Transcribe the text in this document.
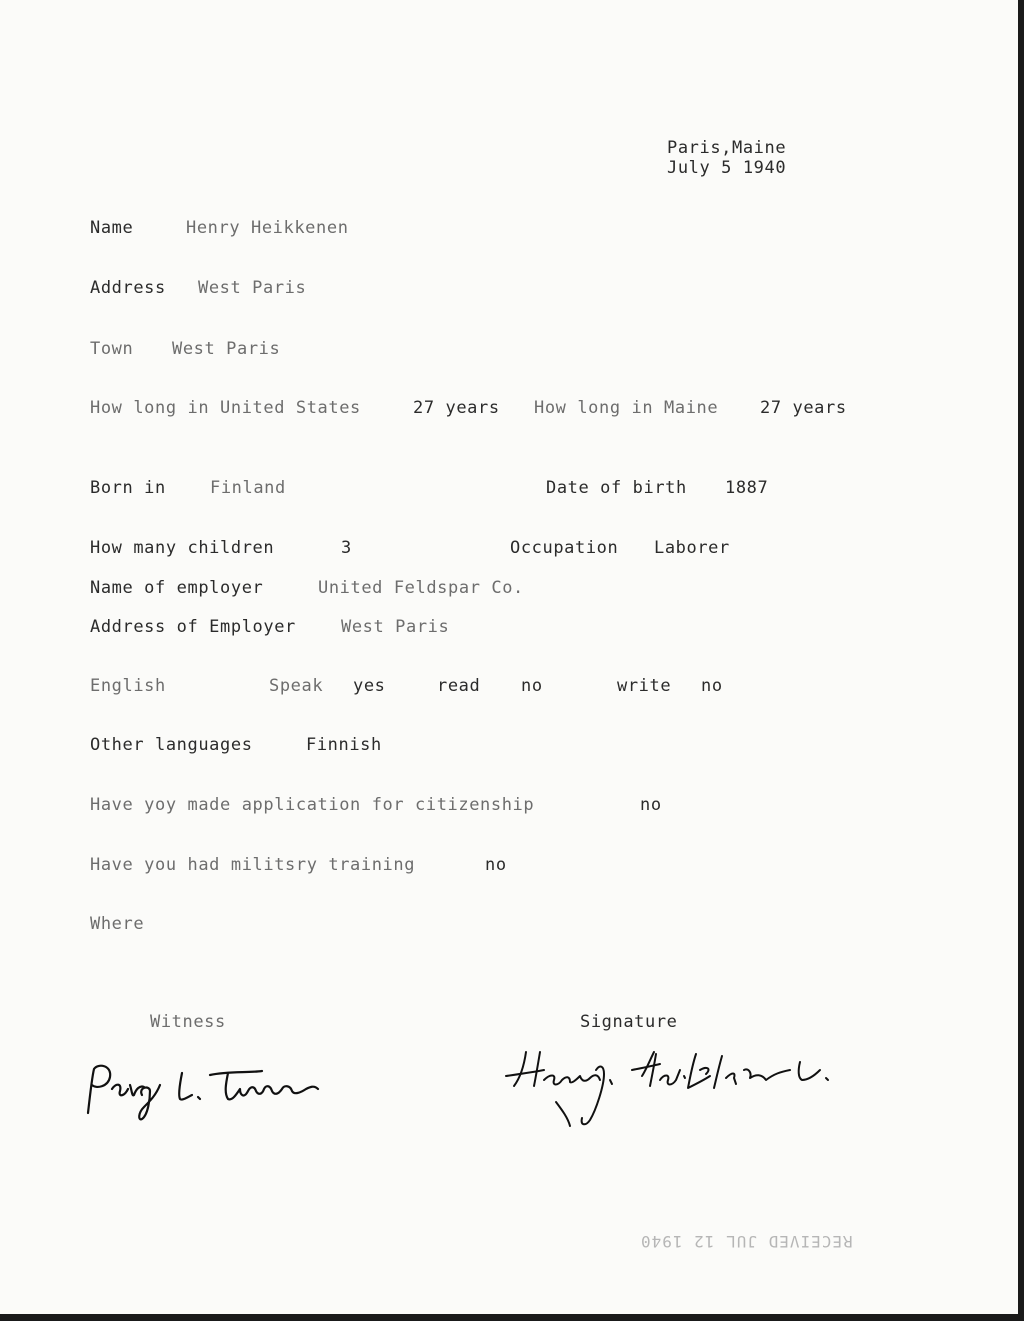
Paris,Maine
July 5 1940
Name	Henry Heikkenen
Address West Paris
Town West Paris
How long in United States	27 years How long in Maine 27 years
Born in	Finland	Date of birth 1887
How many children	3	Occupation Laborer
Name of employer	United Feldspar Co.
Address of Employer	West Paris
English	Speak yes	read no	write no
Other languages	Finnish
Have yoy made application for citizenship	no
Have you had militsry training	no
Where
Witness	Signature
RECEIVED JUL 12 1940
